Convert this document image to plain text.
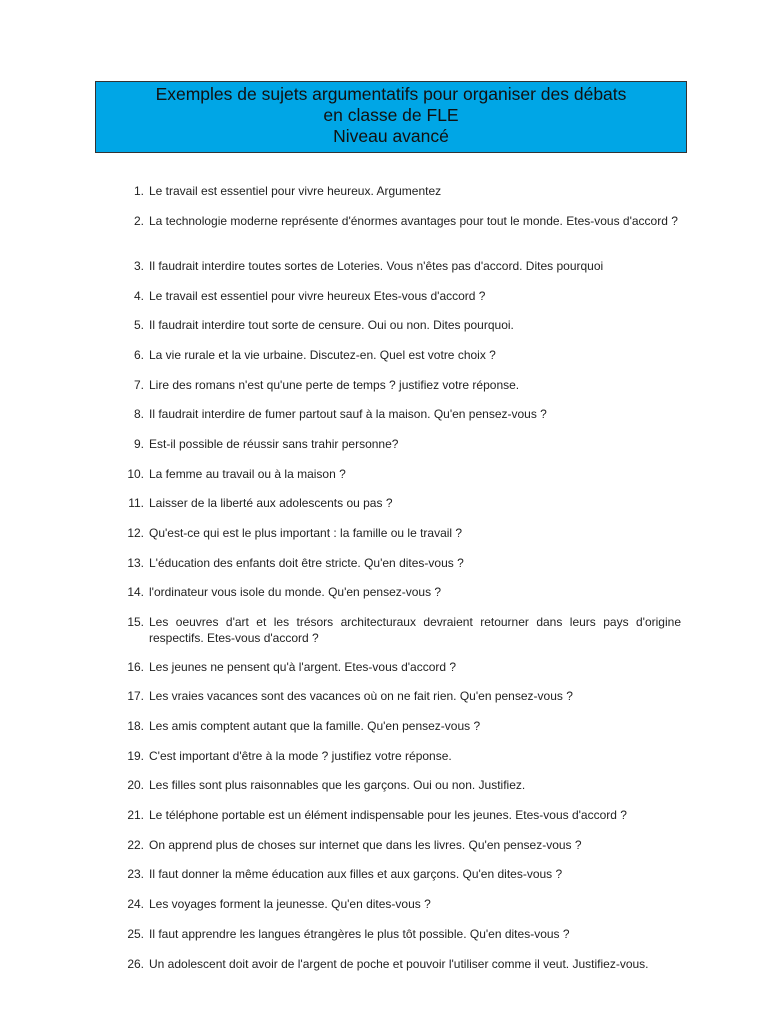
Exemples de sujets argumentatifs pour organiser des débats
en classe de FLE
Niveau avancé
1. Le travail est essentiel pour vivre heureux. Argumentez
2. La technologie moderne représente d'énormes avantages pour tout le monde. Etes-vous d'accord ?
3. Il faudrait interdire toutes sortes de Loteries. Vous n'êtes pas d'accord. Dites pourquoi
4. Le travail est essentiel pour vivre heureux Etes-vous d'accord ?
5. Il faudrait interdire tout sorte de censure. Oui ou non. Dites pourquoi.
6. La vie rurale et la vie urbaine. Discutez-en. Quel est votre choix ?
7. Lire des romans n'est qu'une perte de temps ? justifiez votre réponse.
8. Il faudrait interdire de fumer partout sauf à la maison. Qu'en pensez-vous ?
9. Est-il possible de réussir sans trahir personne?
10. La femme au travail ou à la maison ?
11. Laisser de la liberté aux adolescents ou pas ?
12. Qu'est-ce qui est le plus important : la famille ou le travail ?
13. L'éducation des enfants doit être stricte. Qu'en dites-vous ?
14. l'ordinateur vous isole du monde. Qu'en pensez-vous ?
15. Les oeuvres d'art et les trésors architecturaux devraient retourner dans leurs pays d'origine respectifs. Etes-vous d'accord ?
16. Les jeunes ne pensent qu'à l'argent. Etes-vous d'accord ?
17. Les vraies vacances sont des vacances où on ne fait rien. Qu'en pensez-vous ?
18. Les amis comptent autant que la famille. Qu'en pensez-vous ?
19. C'est important d'être à la mode ? justifiez votre réponse.
20. Les filles sont plus raisonnables que les garçons. Oui ou non. Justifiez.
21. Le téléphone portable est un élément indispensable pour les jeunes. Etes-vous d'accord ?
22. On apprend plus de choses sur internet que dans les livres. Qu'en pensez-vous ?
23. Il faut donner la même éducation aux filles et aux garçons. Qu'en dites-vous ?
24. Les voyages forment la jeunesse. Qu'en dites-vous ?
25. Il faut apprendre les langues étrangères le plus tôt possible. Qu'en dites-vous ?
26. Un adolescent doit avoir de l'argent de poche et pouvoir l'utiliser comme il veut. Justifiez-vous.
